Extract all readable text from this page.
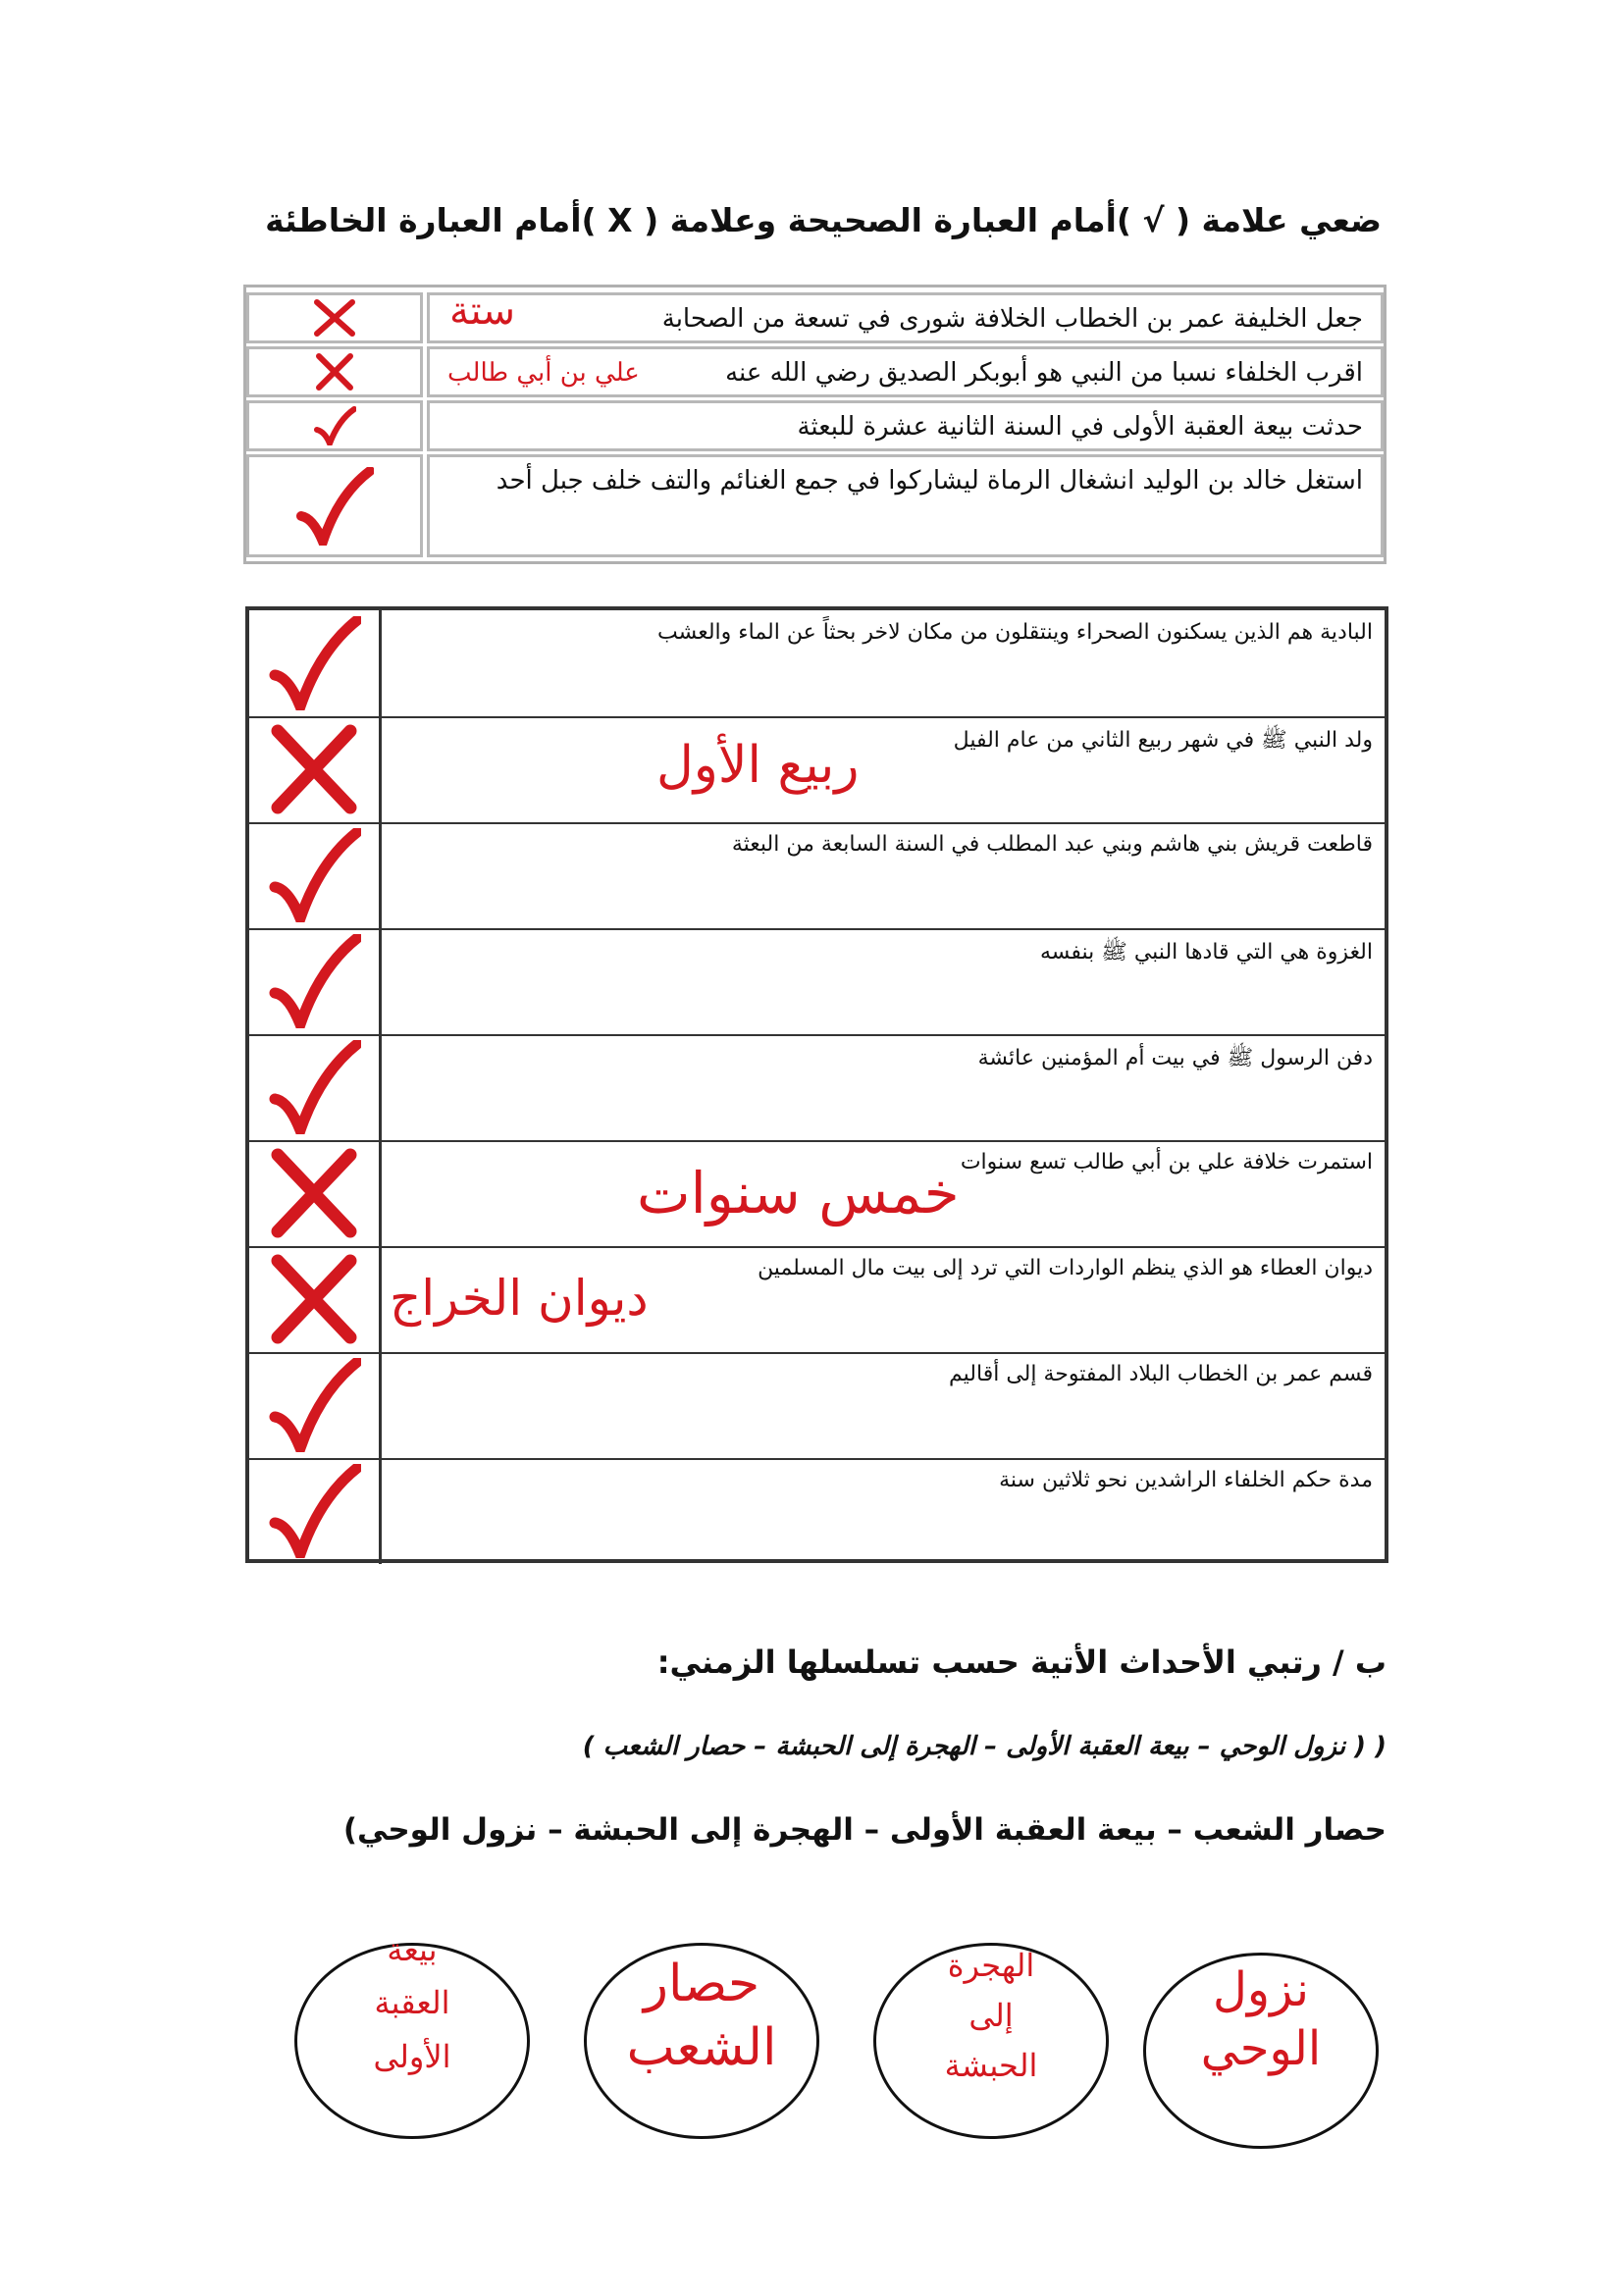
ضعي علامة ( √ )أمام العبارة الصحيحة وعلامة ( X )أمام العبارة الخاطئة
جعل الخليفة عمر بن الخطاب الخلافة شورى في تسعة من الصحابة
ستة
اقرب الخلفاء نسبا من النبي هو أبوبكر الصديق رضي الله عنه
علي بن أبي طالب
حدثت بيعة العقبة الأولى في السنة الثانية عشرة للبعثة
استغل خالد بن الوليد انشغال الرماة ليشاركوا في جمع الغنائم والتف خلف جبل أحد
البادية هم الذين يسكنون الصحراء وينتقلون من مكان لاخر بحثاً عن الماء والعشب
ولد النبي ﷺ في شهر ربيع الثاني من عام الفيل
ربيع الأول
قاطعت قريش بني هاشم وبني عبد المطلب في السنة السابعة من البعثة
الغزوة هي التي قادها النبي ﷺ بنفسه
دفن الرسول ﷺ في بيت أم المؤمنين عائشة
استمرت خلافة علي بن أبي طالب تسع سنوات
خمس سنوات
ديوان العطاء هو الذي ينظم الواردات التي ترد إلى بيت مال المسلمين
ديوان الخراج
قسم عمر بن الخطاب البلاد المفتوحة إلى أقاليم
مدة حكم الخلفاء الراشدين نحو ثلاثين سنة
ب / رتبي الأحداث الأتية حسب تسلسلها الزمني:
( ( نزول الوحي – بيعة العقبة الأولى – الهجرة إلى الحبشة – حصار الشعب )
حصار الشعب – بيعة العقبة الأولى – الهجرة إلى الحبشة – نزول الوحي)
نزول
الوحي
الهجرة
إلى
الحبشة
حصار
الشعب
بيعة
العقبة
الأولى
